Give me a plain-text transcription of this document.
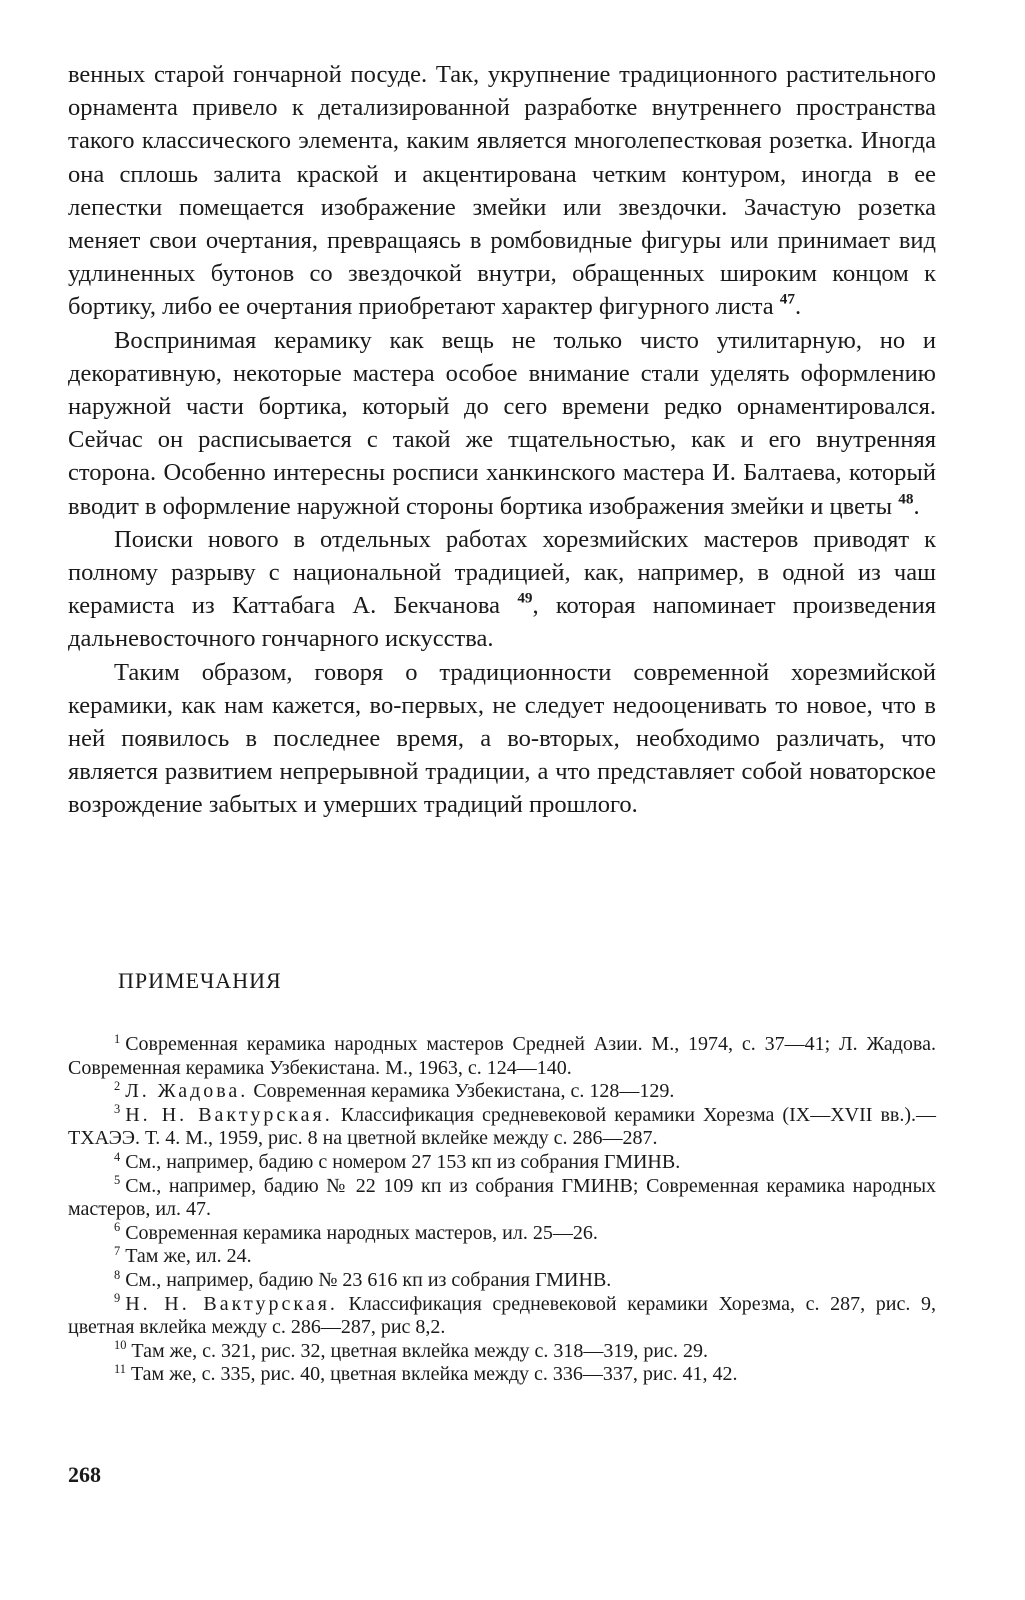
венных старой гончарной посуде. Так, укрупнение традиционного растительного орнамента привело к детализированной разработке внутреннего пространства такого классического элемента, каким является многолепестковая розетка. Иногда она сплошь залита краской и акцентирована четким контуром, иногда в ее лепестки помещается изображение змейки или звездочки. Зачастую розетка меняет свои очертания, превращаясь в ромбовидные фигуры или принимает вид удлиненных бутонов со звездочкой внутри, обращенных широким концом к бортику, либо ее очертания приобретают характер фигурного листа $^{47}$.

Воспринимая керамику как вещь не только чисто утилитарную, но и декоративную, некоторые мастера особое внимание стали уделять оформлению наружной части бортика, который до сего времени редко орнаментировался. Сейчас он расписывается с такой же тщательностью, как и его внутренняя сторона. Особенно интересны росписи ханкинского мастера И. Балтаева, который вводит в оформление наружной стороны бортика изображения змейки и цветы $^{48}$.

Поиски нового в отдельных работах хорезмийских мастеров приводят к полному разрыву с национальной традицией, как, например, в одной из чаш керамиста из Каттабага А. Бекчанова $^{49}$, которая напоминает произведения дальневосточного гончарного искусства.

Таким образом, говоря о традиционности современной хорезмийской керамики, как нам кажется, во-первых, не следует недооценивать то новое, что в ней появилось в последнее время, а во-вторых, необходимо различать, что является развитием непрерывной традиции, а что представляет собой новаторское возрождение забытых и умерших традиций прошлого.

ПРИМЕЧАНИЯ

$^1$ Современная керамика народных мастеров Средней Азии. М., 1974, с. 37—41; Л. Жадова. Современная керамика Узбекистана. М., 1963, с. 124—140.

$^2$ Л. Жадова. Современная керамика Узбекистана, с. 128—129.

$^3$ Н. Н. Вактурская. Классификация средневековой керамики Хорезма (IX—XVII вв.).— ТХАЭЭ. Т. 4. М., 1959, рис. 8 на цветной вклейке между с. 286—287.

$^4$ См., например, бадию с номером 27 153 кп из собрания ГМИНВ.

$^5$ См., например, бадию № 22 109 кп из собрания ГМИНВ; Современная керамика народных мастеров, ил. 47.

$^6$ Современная керамика народных мастеров, ил. 25—26.

$^7$ Там же, ил. 24.

$^8$ См., например, бадию № 23 616 кп из собрания ГМИНВ.

$^9$ Н. Н. Вактурская. Классификация средневековой керамики Хорезма, с. 287, рис. 9, цветная вклейка между с. 286—287, рис 8,2.

$^{10}$ Там же, с. 321, рис. 32, цветная вклейка между с. 318—319, рис. 29.

$^{11}$ Там же, с. 335, рис. 40, цветная вклейка между с. 336—337, рис. 41, 42.

268
